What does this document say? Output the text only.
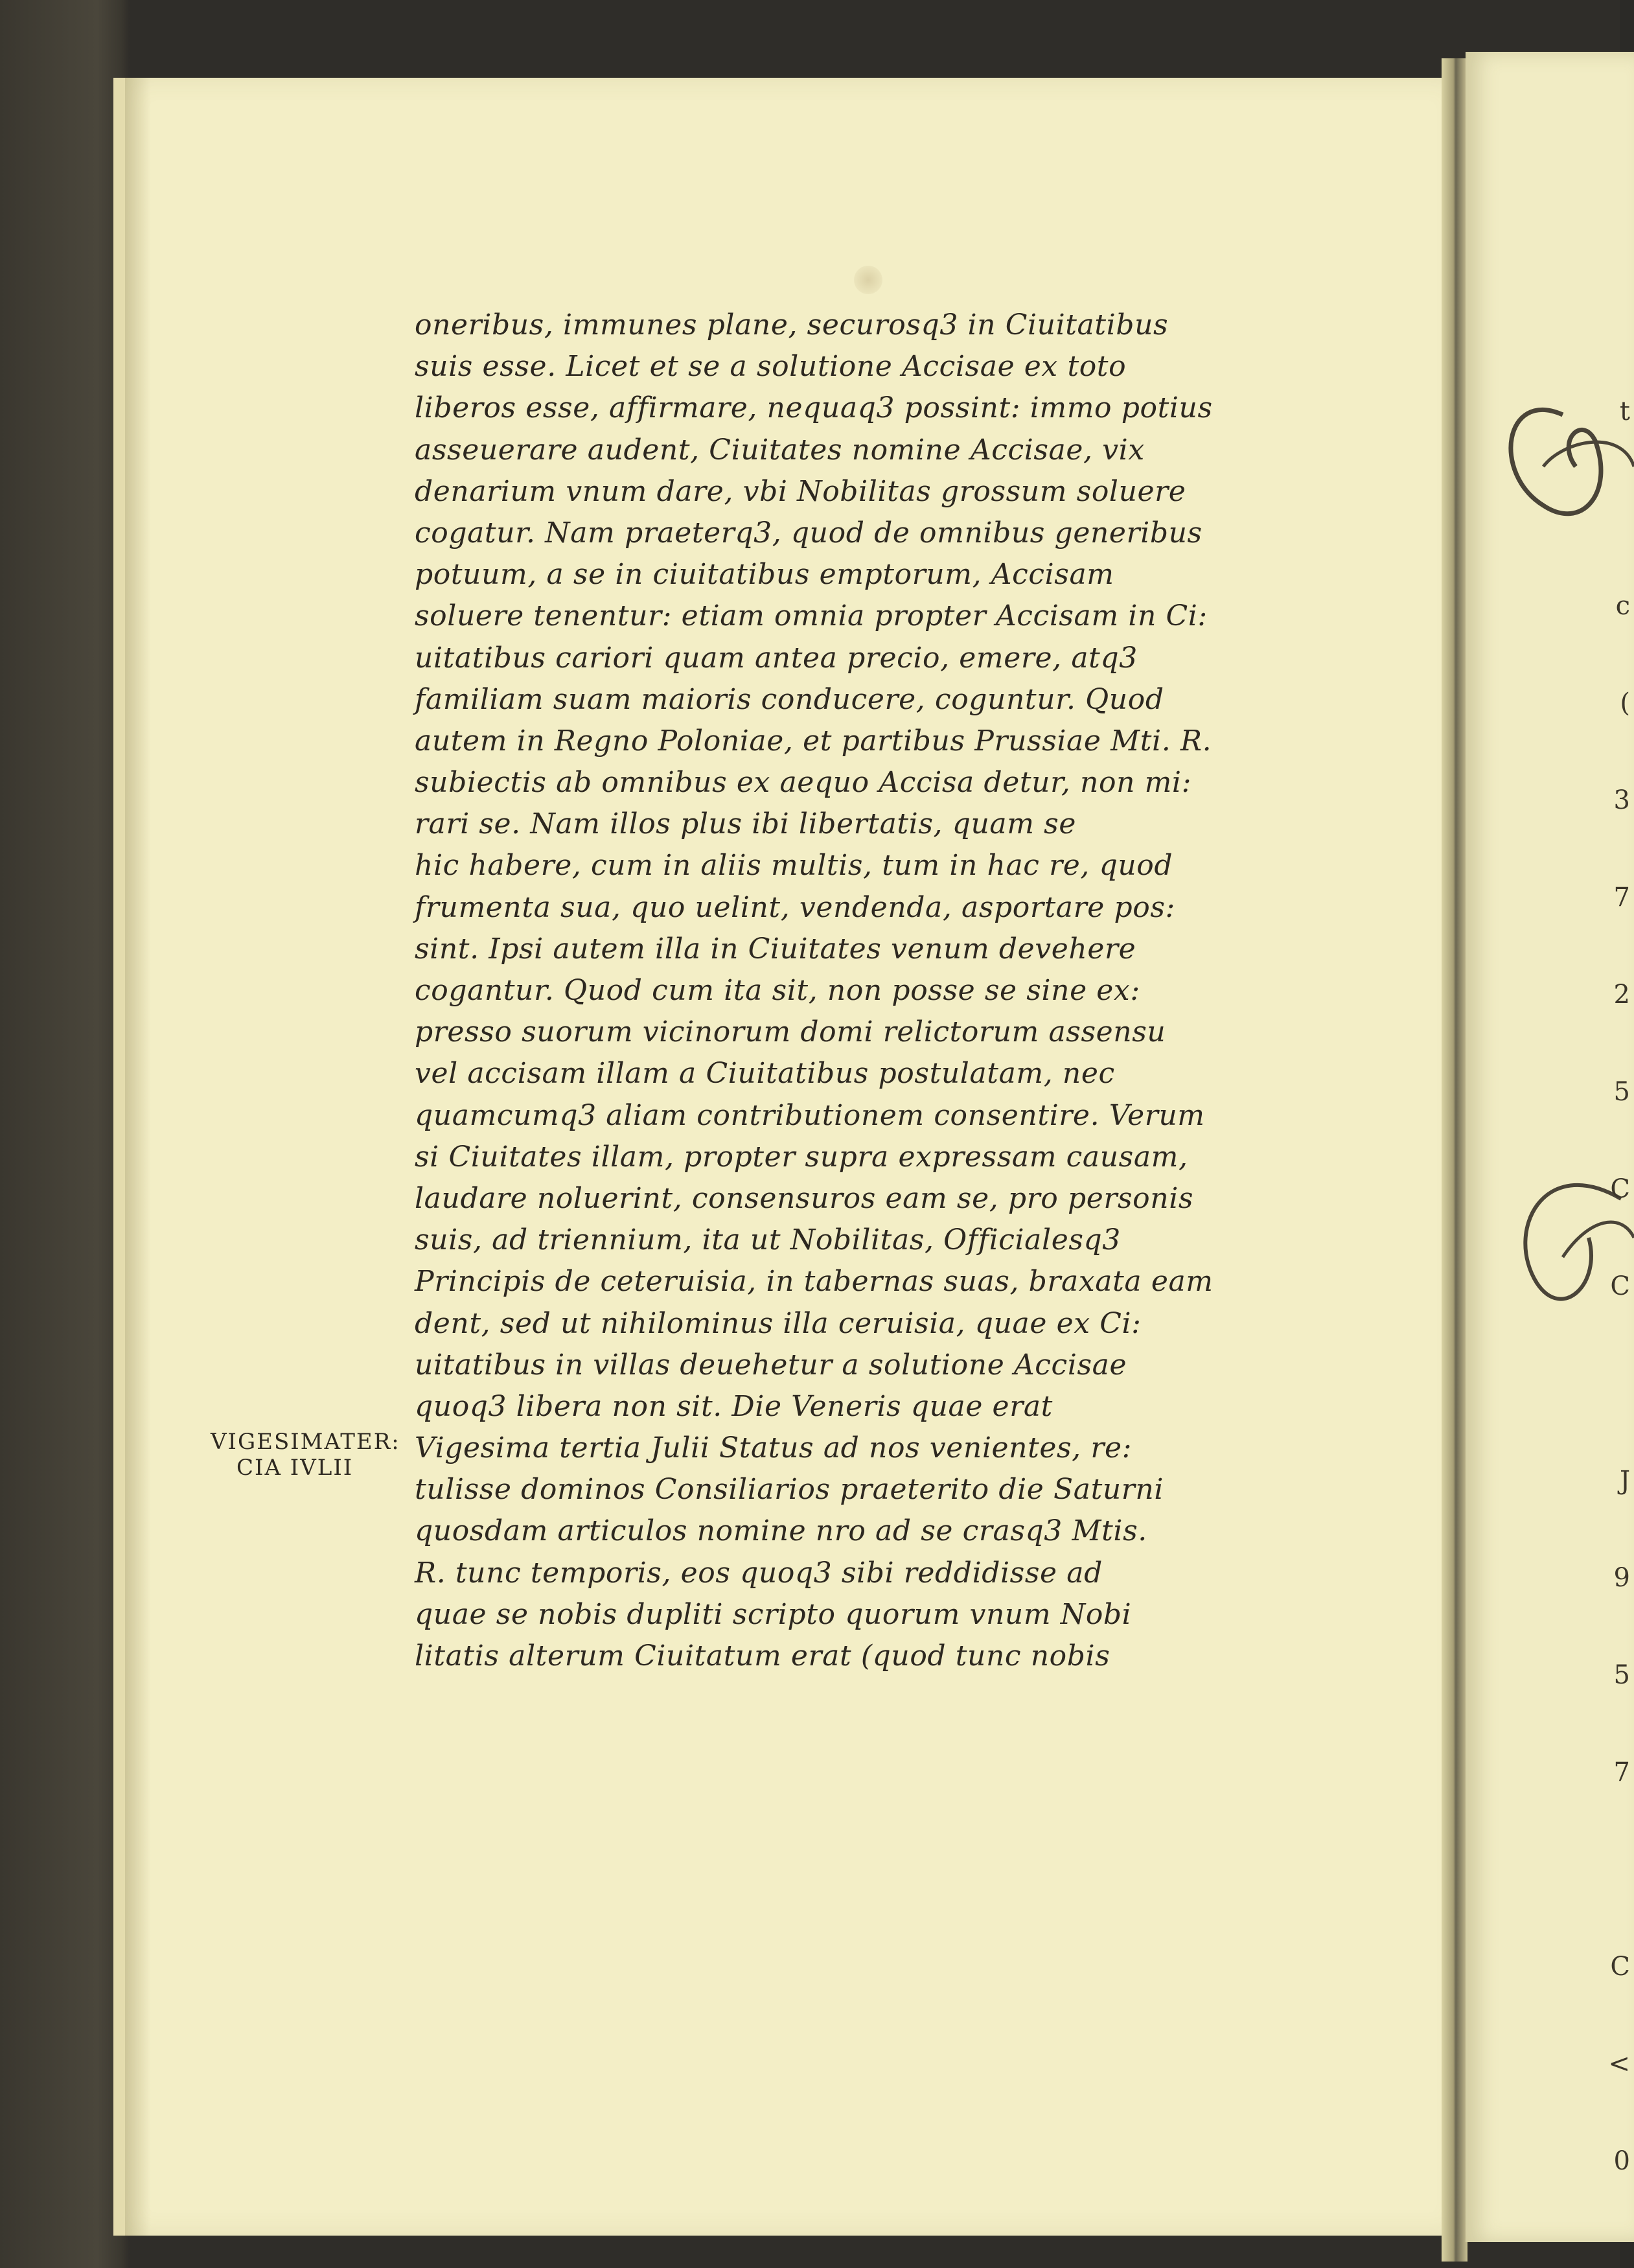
oneribus, immunes plane, securosq3 in Ciuitatibus
suis esse. Licet et se a solutione Accisae ex toto
liberos esse, affirmare, nequaq3 possint: immo potius
asseuerare audent, Ciuitates nomine Accisae, vix
denarium vnum dare, vbi Nobilitas grossum soluere
cogatur. Nam praeterq3, quod de omnibus generibus
potuum, a se in ciuitatibus emptorum, Accisam
soluere tenentur: etiam omnia propter Accisam in Ci:
uitatibus cariori quam antea precio, emere, atq3
familiam suam maioris conducere, coguntur. Quod
autem in Regno Poloniae, et partibus Prussiae Mti. R.
subiectis ab omnibus ex aequo Accisa detur, non mi:
rari se. Nam illos plus ibi libertatis, quam se
hic habere, cum in aliis multis, tum in hac re, quod
frumenta sua, quo uelint, vendenda, asportare pos:
sint. Ipsi autem illa in Ciuitates venum devehere
cogantur. Quod cum ita sit, non posse se sine ex:
presso suorum vicinorum domi relictorum assensu
vel accisam illam a Ciuitatibus postulatam, nec
quamcumq3 aliam contributionem consentire. Verum
si Ciuitates illam, propter supra expressam causam,
laudare noluerint, consensuros eam se, pro personis
suis, ad triennium, ita ut Nobilitas, Officialesq3
Principis de ceteruisia, in tabernas suas, braxata eam
dent, sed ut nihilominus illa ceruisia, quae ex Ci:
uitatibus in villas deuehetur a solutione Accisae
quoq3 libera non sit. Die Veneris quae erat
Vigesima tertia Julii Status ad nos venientes, re:
tulisse dominos Consiliarios praeterito die Saturni
quosdam articulos nomine nro ad se crasq3 Mtis.
R. tunc temporis, eos quoq3 sibi reddidisse ad
quae se nobis dupliti scripto quorum vnum Nobi
litatis alterum Ciuitatum erat (quod tunc nobis
VIGESIMATER:
CIA IVLII
t

c
(
3
7
2
5
C
C

J
9
5
7

C
<
0
